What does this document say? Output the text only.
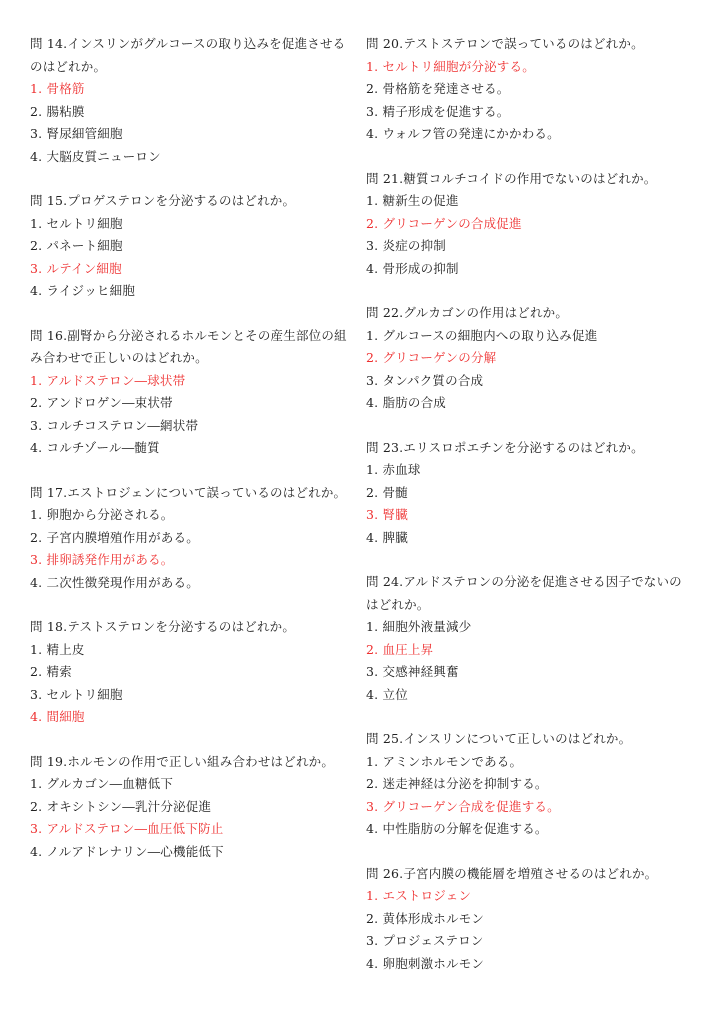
問 14.インスリンがグルコースの取り込みを促進させるのはどれか。

1. 骨格筋
2. 腸粘膜
3. 腎尿細管細胞
4. 大脳皮質ニューロン

問 15.プロゲステロンを分泌するのはどれか。

1. セルトリ細胞
2. パネート細胞
3. ルテイン細胞
4. ライジッヒ細胞

問 16.副腎から分泌されるホルモンとその産生部位の組み合わせで正しいのはどれか。

1. アルドステロン―球状帯
2. アンドロゲン―束状帯
3. コルチコステロン―網状帯
4. コルチゾール―髄質

問 17.エストロジェンについて誤っているのはどれか。

1. 卵胞から分泌される。
2. 子宮内膜増殖作用がある。
3. 排卵誘発作用がある。
4. 二次性徴発現作用がある。

問 18.テストステロンを分泌するのはどれか。

1. 精上皮
2. 精索
3. セルトリ細胞
4. 間細胞

問 19.ホルモンの作用で正しい組み合わせはどれか。

1. グルカゴン―血糖低下
2. オキシトシン―乳汁分泌促進
3. アルドステロン―血圧低下防止
4. ノルアドレナリン―心機能低下

問 20.テストステロンで誤っているのはどれか。

1. セルトリ細胞が分泌する。
2. 骨格筋を発達させる。
3. 精子形成を促進する。
4. ウォルフ管の発達にかかわる。

問 21.糖質コルチコイドの作用でないのはどれか。

1. 糖新生の促進
2. グリコーゲンの合成促進
3. 炎症の抑制
4. 骨形成の抑制

問 22.グルカゴンの作用はどれか。

1. グルコースの細胞内への取り込み促進
2. グリコーゲンの分解
3. タンパク質の合成
4. 脂肪の合成

問 23.エリスロポエチンを分泌するのはどれか。

1. 赤血球
2. 骨髄
3. 腎臓
4. 脾臓

問 24.アルドステロンの分泌を促進させる因子でないのはどれか。

1. 細胞外液量減少
2. 血圧上昇
3. 交感神経興奮
4. 立位

問 25.インスリンについて正しいのはどれか。

1. アミンホルモンである。
2. 迷走神経は分泌を抑制する。
3. グリコーゲン合成を促進する。
4. 中性脂肪の分解を促進する。

問 26.子宮内膜の機能層を増殖させるのはどれか。

1. エストロジェン
2. 黄体形成ホルモン
3. プロジェステロン
4. 卵胞刺激ホルモン
